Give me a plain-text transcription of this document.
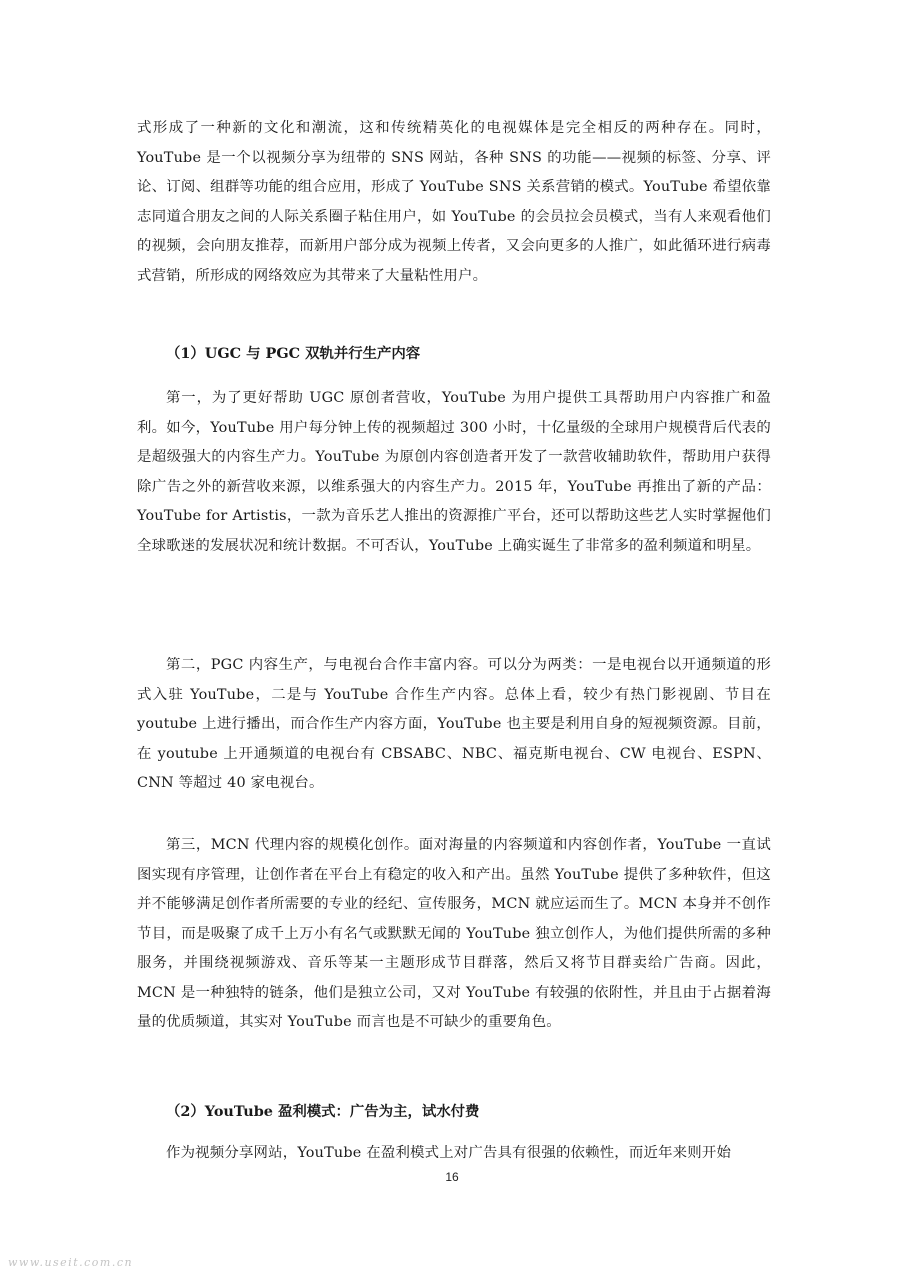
式形成了一种新的文化和潮流，这和传统精英化的电视媒体是完全相反的两种存在。同时，YouTube 是一个以视频分享为纽带的 SNS 网站，各种 SNS 的功能——视频的标签、分享、评论、订阅、组群等功能的组合应用，形成了 YouTube SNS 关系营销的模式。YouTube 希望依靠志同道合朋友之间的人际关系圈子粘住用户，如 YouTube 的会员拉会员模式，当有人来观看他们的视频，会向朋友推荐，而新用户部分成为视频上传者，又会向更多的人推广，如此循环进行病毒式营销，所形成的网络效应为其带来了大量粘性用户。

（1）UGC 与 PGC 双轨并行生产内容

第一，为了更好帮助 UGC 原创者营收，YouTube 为用户提供工具帮助用户内容推广和盈利。如今，YouTube 用户每分钟上传的视频超过 300 小时，十亿量级的全球用户规模背后代表的是超级强大的内容生产力。YouTube 为原创内容创造者开发了一款营收辅助软件，帮助用户获得除广告之外的新营收来源，以维系强大的内容生产力。2015 年，YouTube 再推出了新的产品：YouTube for Artistis，一款为音乐艺人推出的资源推广平台，还可以帮助这些艺人实时掌握他们全球歌迷的发展状况和统计数据。不可否认，YouTube 上确实诞生了非常多的盈利频道和明星。

第二，PGC 内容生产，与电视台合作丰富内容。可以分为两类：一是电视台以开通频道的形式入驻 YouTube，二是与 YouTube 合作生产内容。总体上看，较少有热门影视剧、节目在 youtube 上进行播出，而合作生产内容方面，YouTube 也主要是利用自身的短视频资源。目前，在 youtube 上开通频道的电视台有 CBSABC、NBC、福克斯电视台、CW 电视台、ESPN、CNN 等超过 40 家电视台。

第三，MCN 代理内容的规模化创作。面对海量的内容频道和内容创作者，YouTube 一直试图实现有序管理，让创作者在平台上有稳定的收入和产出。虽然 YouTube 提供了多种软件，但这并不能够满足创作者所需要的专业的经纪、宣传服务，MCN 就应运而生了。MCN 本身并不创作节目，而是吸聚了成千上万小有名气或默默无闻的 YouTube 独立创作人，为他们提供所需的多种服务，并围绕视频游戏、音乐等某一主题形成节目群落，然后又将节目群卖给广告商。因此，MCN 是一种独特的链条，他们是独立公司，又对 YouTube 有较强的依附性，并且由于占据着海量的优质频道，其实对 YouTube 而言也是不可缺少的重要角色。

（2）YouTube 盈利模式：广告为主，试水付费

作为视频分享网站，YouTube 在盈利模式上对广告具有很强的依赖性，而近年来则开始

16
www.useit.com.cn
